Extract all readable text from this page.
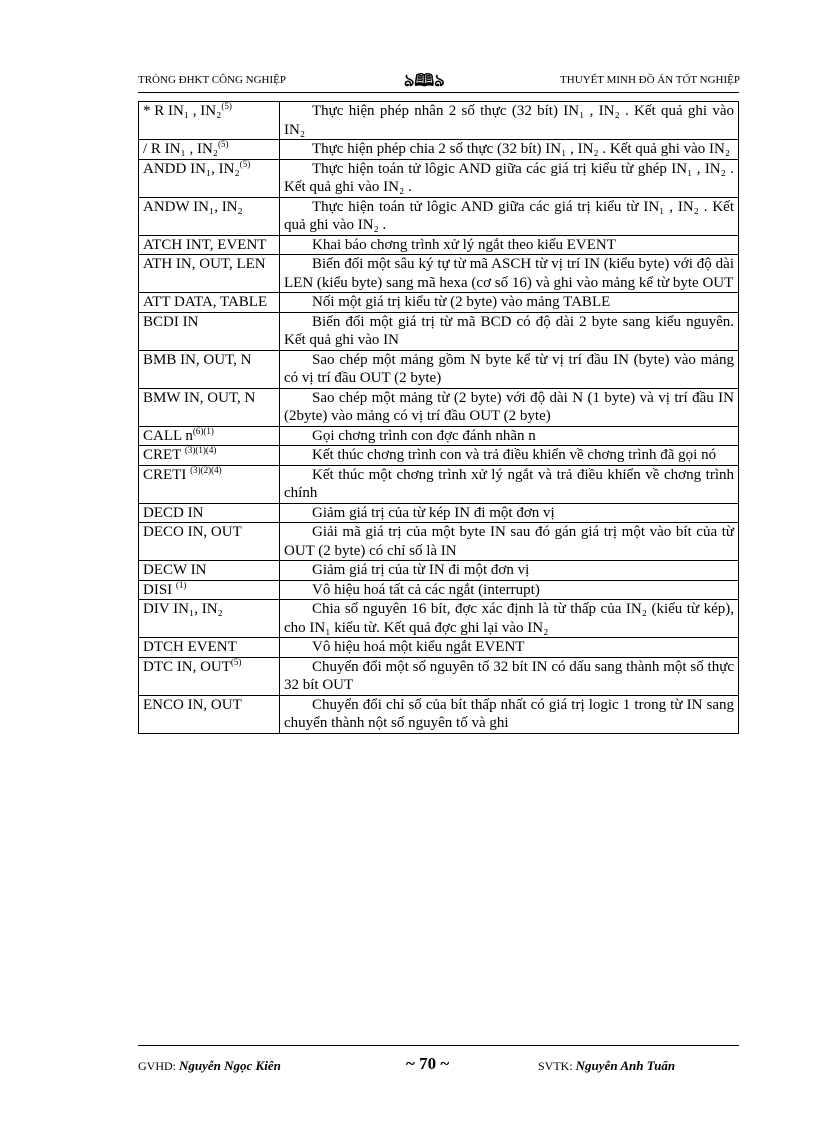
TRÒNG ĐHKT CÔNG NGHIỆP	ঌ🕮ঌ	THUYẾT MINH ĐỒ ÁN TỐT NGHIỆP
* R IN₁ , IN₂$^{(5)}$	Thực hiện phép nhân 2 số thực (32 bít) IN₁ , IN₂ . Kết quả ghi vào IN₂
/ R IN₁ , IN₂$^{(5)}$	Thực hiện phép chia 2 số thực (32 bít) IN₁ , IN₂ . Kết quả ghi vào IN₂
ANDD IN₁, IN₂$^{(5)}$	Thực hiện toán tử lôgic AND giữa các giá trị kiểu từ ghép IN₁ , IN₂ . Kết quả ghi vào IN₂ .
ANDW IN₁, IN₂	Thực hiện toán tử lôgic AND giữa các giá trị kiểu từ IN₁ , IN₂ . Kết quả ghi vào IN₂ .
ATCH INT, EVENT	Khai báo chơng trình xử lý ngắt theo kiểu EVENT
ATH IN, OUT, LEN	Biến đổi một sâu ký tự từ mã ASCH từ vị trí IN (kiểu byte) với độ dài LEN (kiểu byte) sang mã hexa (cơ số 16) và ghi vào mảng kể từ byte OUT
ATT DATA, TABLE	Nối một giá trị kiểu từ (2 byte) vào mảng TABLE
BCDI IN	Biến đổi một giá trị từ mã BCD có độ dài 2 byte sang kiểu nguyên. Kết quả ghi vào IN
BMB IN, OUT, N	Sao chép một mảng gồm N byte kể từ vị trí đầu IN (byte) vào mảng có vị trí đầu OUT (2 byte)
BMW IN, OUT, N	Sao chép một mảng từ (2 byte) với độ dài N (1 byte) và vị trí đầu IN (2byte) vào mảng có vị trí đầu OUT (2 byte)
CALL $n^{(6)(1)}$	Gọi chơng trình con đợc đánh nhãn n
CRET $^{(3)(1)(4)}$	Kết thúc chơng trình con và trả điều khiển về chơng trình đã gọi nó
CRETI $^{(3)(2)(4)}$	Kết thúc một chơng trình xử lý ngắt và trả điều khiển về chơng trình chính
DECD IN	Giảm giá trị của từ kép IN đi một đơn vị
DECO IN, OUT	Giải mã giá trị của một byte IN sau đó gán giá trị một vào bít của từ OUT (2 byte) có chỉ số là IN
DECW IN	Giảm giá trị của từ IN đi một đơn vị
DISI $^{(1)}$	Vô hiệu hoá tất cả các ngắt (interrupt)
DIV IN₁, IN₂	Chia số nguyên 16 bít, đợc xác định là từ thấp của IN₂ (kiểu từ kép), cho IN₁ kiểu từ. Kết quả đợc ghi lại vào IN₂
DTCH EVENT	Vô hiệu hoá một kiểu ngắt EVENT
DTC IN, OUT$^{(5)}$	Chuyển đổi một số nguyên tố 32 bít IN có dấu sang thành một số thực 32 bít OUT
ENCO IN, OUT	Chuyển đổi chỉ số của bít thấp nhất có giá trị logic 1 trong từ IN sang chuyển thành nột số nguyên tố và ghi
GVHD: Nguyễn Ngọc Kiên	~ 70 ~	SVTK: Nguyễn Anh Tuấn
